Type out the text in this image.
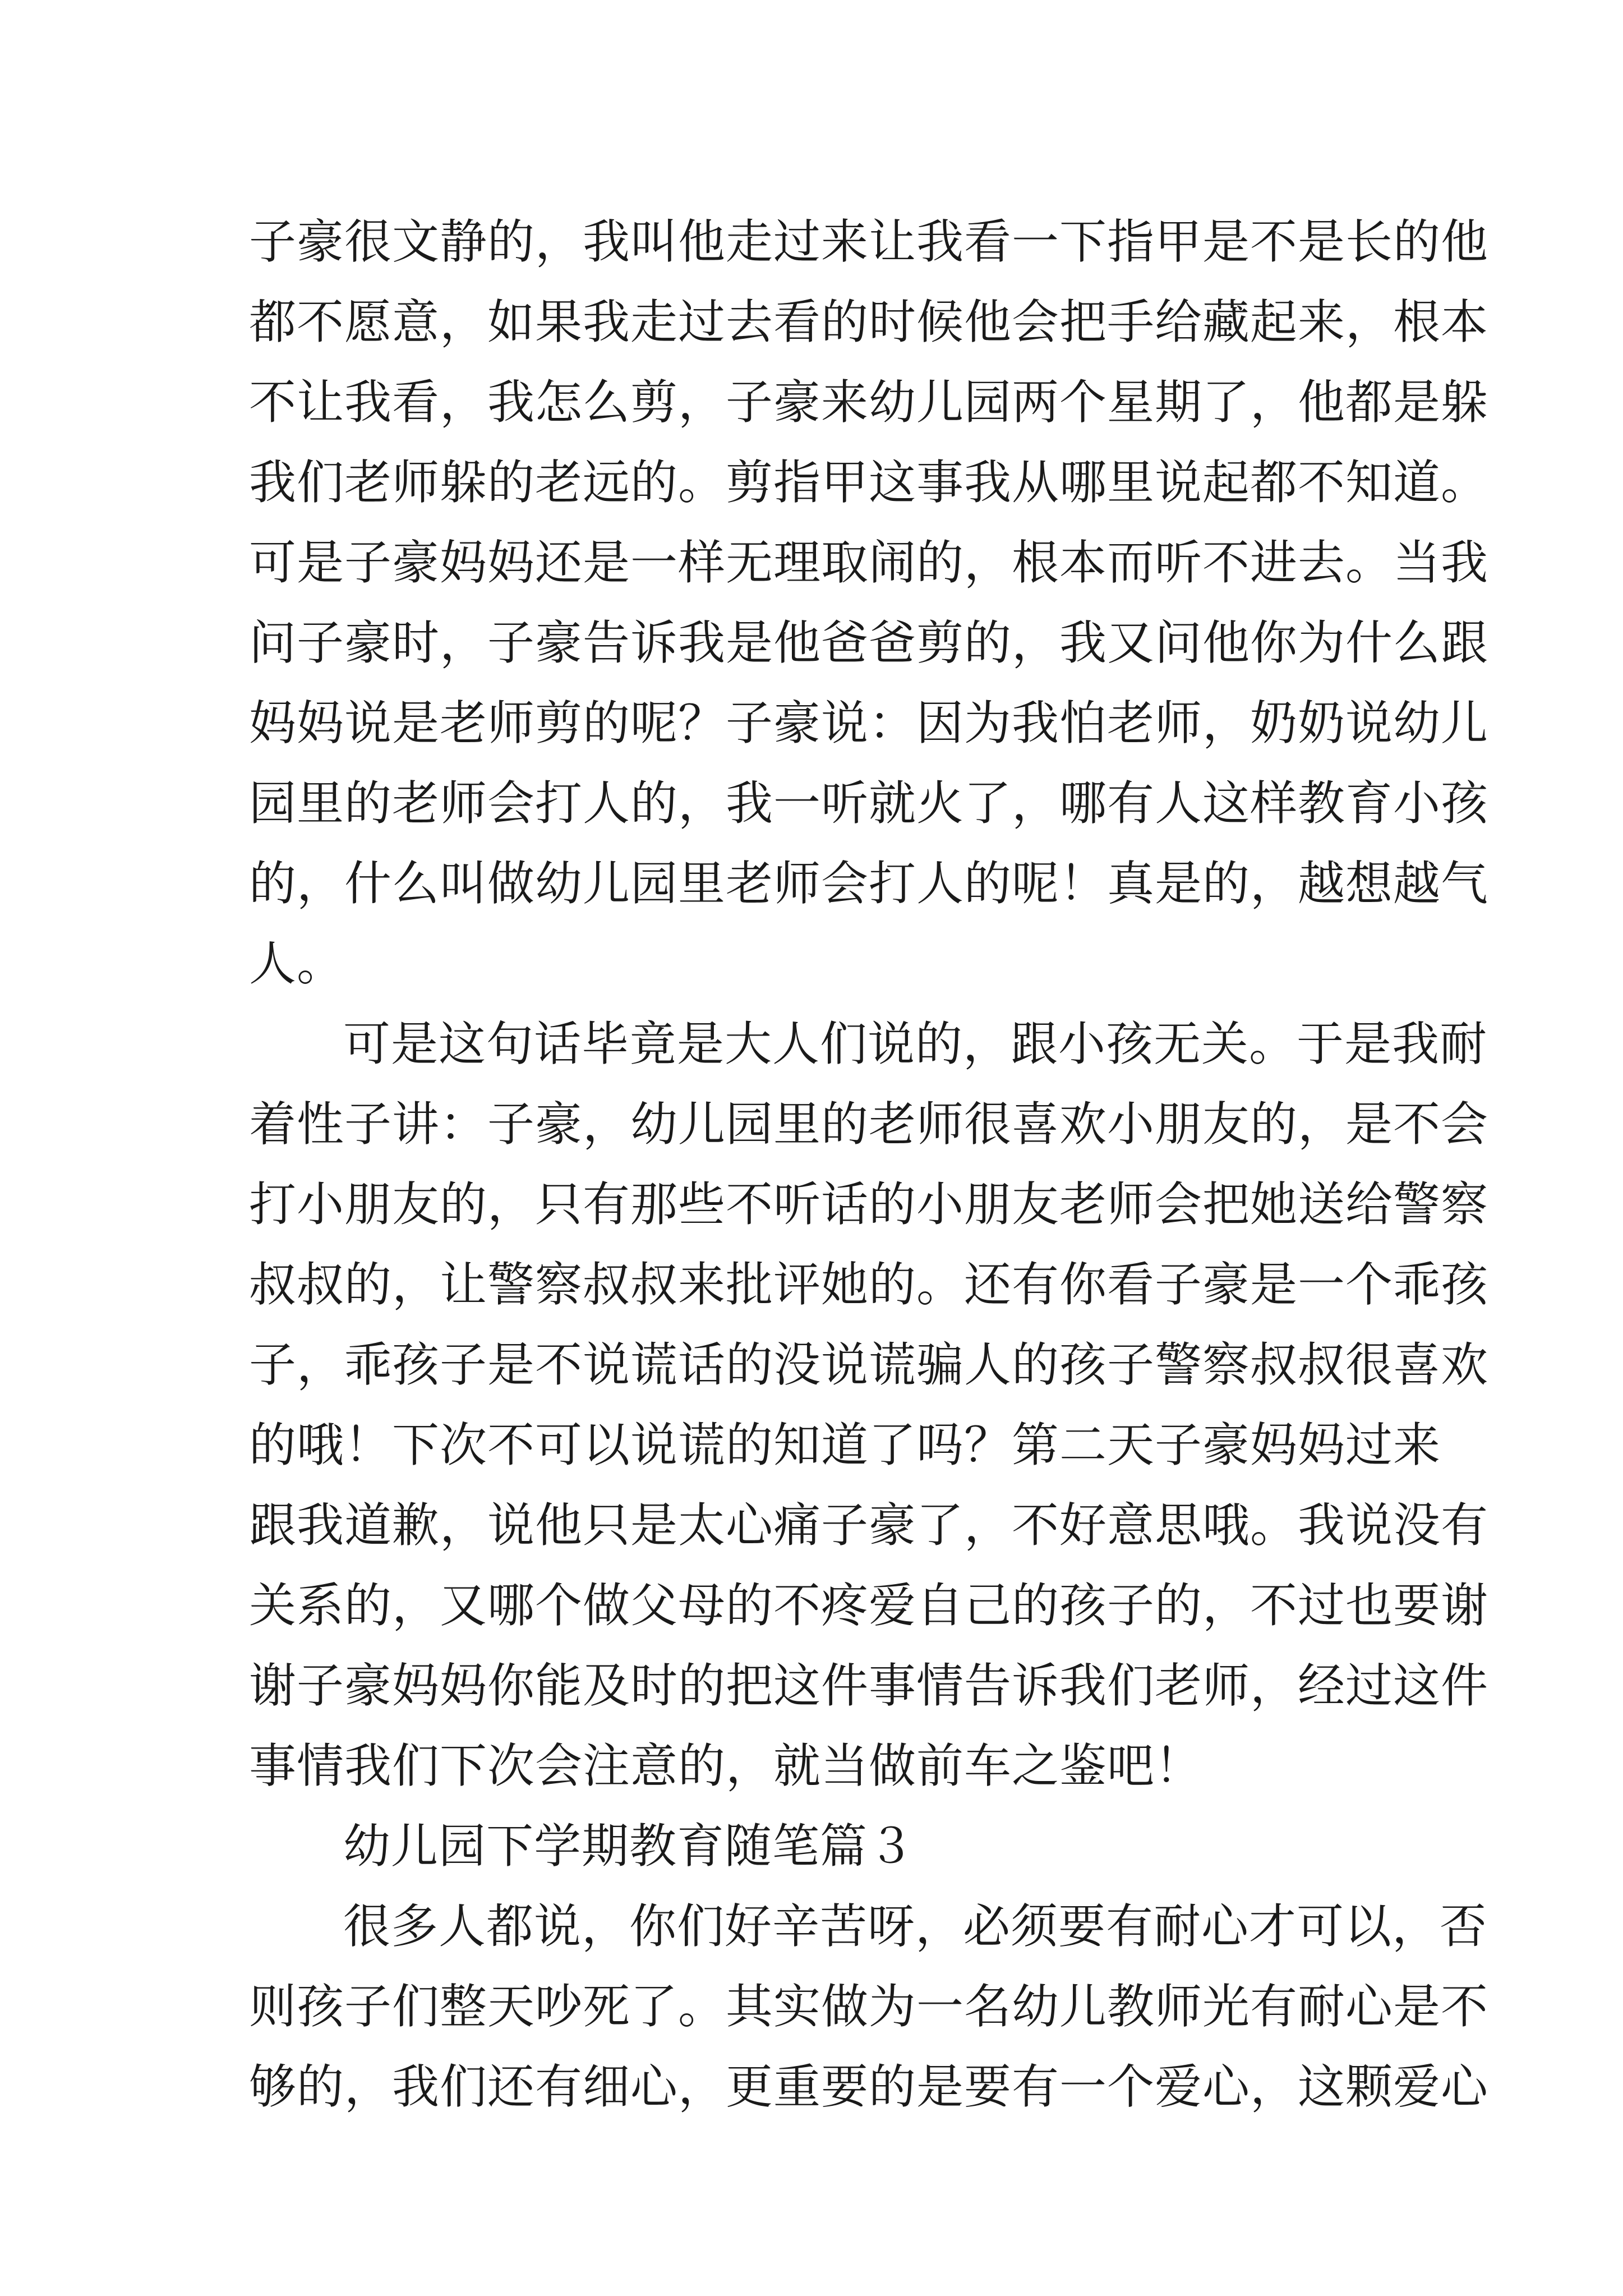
子豪很文静的，我叫他走过来让我看一下指甲是不是长的他
都不愿意，如果我走过去看的时候他会把手给藏起来，根本
不让我看，我怎么剪，子豪来幼儿园两个星期了，他都是躲
我们老师躲的老远的。剪指甲这事我从哪里说起都不知道。
可是子豪妈妈还是一样无理取闹的，根本而听不进去。当我
问子豪时，子豪告诉我是他爸爸剪的，我又问他你为什么跟
妈妈说是老师剪的呢？子豪说：因为我怕老师，奶奶说幼儿
园里的老师会打人的，我一听就火了，哪有人这样教育小孩
的，什么叫做幼儿园里老师会打人的呢！真是的，越想越气
人。
可是这句话毕竟是大人们说的，跟小孩无关。于是我耐
着性子讲：子豪，幼儿园里的老师很喜欢小朋友的，是不会
打小朋友的，只有那些不听话的小朋友老师会把她送给警察
叔叔的，让警察叔叔来批评她的。还有你看子豪是一个乖孩
子，乖孩子是不说谎话的没说谎骗人的孩子警察叔叔很喜欢
的哦！下次不可以说谎的知道了吗？第二天子豪妈妈过来
跟我道歉，说他只是太心痛子豪了，不好意思哦。我说没有
关系的，又哪个做父母的不疼爱自己的孩子的，不过也要谢
谢子豪妈妈你能及时的把这件事情告诉我们老师，经过这件
事情我们下次会注意的，就当做前车之鉴吧！
幼儿园下学期教育随笔篇３
很多人都说，你们好辛苦呀，必须要有耐心才可以，否
则孩子们整天吵死了。其实做为一名幼儿教师光有耐心是不
够的，我们还有细心，更重要的是要有一个爱心，这颗爱心
